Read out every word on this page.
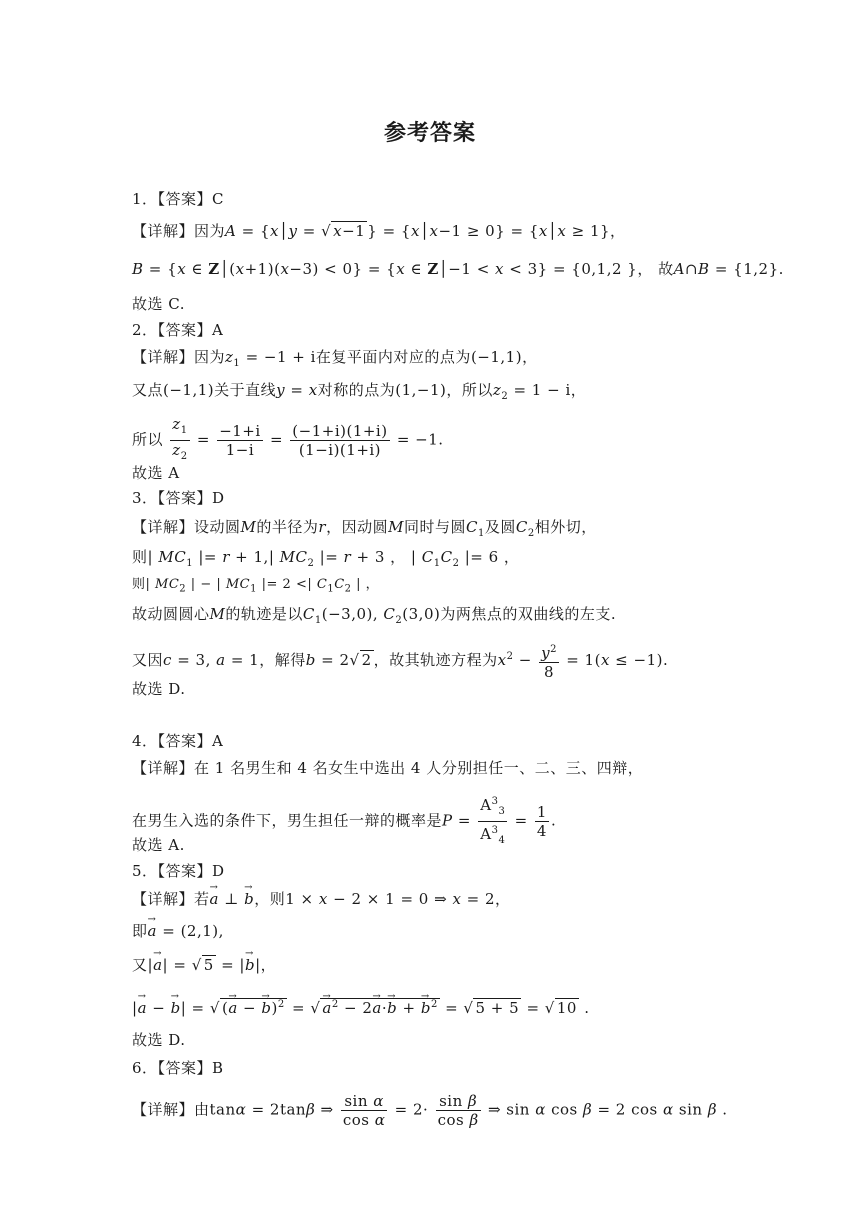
参考答案
1．【答案】C
【详解】因为A = {x│y = √ x−1 } = {x│x−1 ≥ 0} = {x│x ≥ 1}，
B = {x ∈ Z│(x+1)(x−3) < 0} = {x ∈ Z│−1 < x < 3} = {0,1,2 }， 故A∩B = {1,2}.
故选 C.
2．【答案】A
【详解】因为$z_1 = -1 + i$在复平面内对应的点为(−1,1)，
又点(−1,1)关于直线y = x对称的点为(1,−1)，所以$z_2 = 1 - i$，
所以 $\frac{z_1}{z_2} = \frac{-1+i}{1-i} = \frac{(-1+i)(1+i)}{(1-i)(1+i)} = -1$.
故选 A
3．【答案】D
【详解】设动圆M的半径为r，因动圆M同时与圆$C_1$及圆$C_2$相外切，
则| $MC_1$ |= r + 1,| $MC_2$ |= r + 3 ， | $C_1C_2$ |= 6 ，
则| $MC_2$ | − | $MC_1$ |= 2 <| $C_1C_2$ | ，
故动圆圆心M的轨迹是以$C_1(-3,0)$, $C_2(3,0)$为两焦点的双曲线的左支.
又因c = 3, a = 1，解得b = 2√ 2 ，故其轨迹方程为$x^2 - \frac{y^2}{8} = 1(x \le -1)$.
故选 D.
4．【答案】A
【详解】在 1 名男生和 4 名女生中选出 4 人分别担任一、二、三、四辩，
在男生入选的条件下，男生担任一辩的概率是$P = \frac{A^3_3}{A^3_4} = \frac{1}{4}$ .
故选 A.
5．【答案】D
【详解】若→ a ⊥ → b，则1 × x − 2 × 1 = 0 ⇒ x = 2，
即→ a = (2,1),
又|→ a| = √ 5 = |→ b|，
|→ a − → b| = √ (→ a − → b)$^2$ = √→ $a^2 - 2\to a\cdot\to b$ + → $b^2$ = √ 5 + 5 = √ 10 .
故选 D.
6．【答案】B
【详解】由tanα = 2tanβ ⇒ $\frac{\text{sin α}}{\text{cos α}} = 2\cdot \frac{\text{sin β}}{\text{cos β}}$ ⇒ sin α cos β = 2 cos α sin β .
